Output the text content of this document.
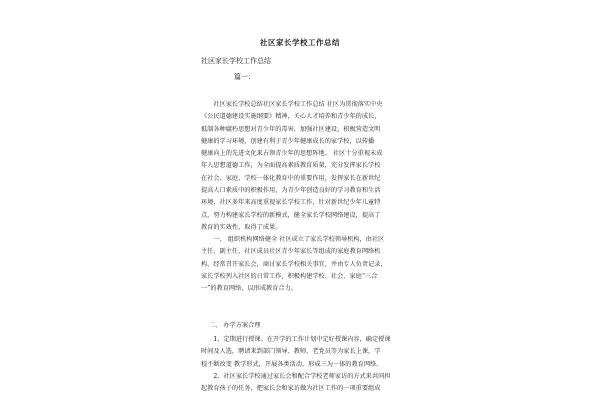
社区家长学校工作总结
社区家长学校工作总结
篇一：
　　社区家长学校总结社区家长学校工作总结 社区为贯彻落实中央
《公民道德建设实施纲要》精神，关心人才培养和青少年的成长，
抵制各种腐朽思想对青少年的毒害，加强社区建设，积极营造文明
健康的学习环境，创建有利于青少年健康成长的家学校，以传播
健康向上的先进文化来占领青少年的思想阵地。 社区十分重视未成
年人思想道德工作，为全面提高素质教育质量，充分发挥家长学校
在社会、家庭、学校一体化教育中的重要作用，发挥家长在新世纪
提高人口素质中的积极作用，为青少年创造良好的学习教育和生活
环境，社区多年来高度重视家长学校工作，针对新世纪少年儿童特
点，努力构建家长学校的新模式，健全家长学校网络建设，提高了
教育的实效性，取得了成果。
　　一、 组织机构网络健全 社区成立了家长学校领导机构，由社区
主任、副主任、社区成员社区青少年家长等组成的家庭教育网络机
构，经常召开家长会，商讨家长学校相关事宜，并由专人负责记录，
家长学校列入社区的日常工作，积极构建学校、社会、家庭“三合
一”的教育网络，以形成教育合力。
二、 办学方案合理
　　1、定期进行授课。在开学的工作计划中定好授课内容，确定授课
时间及人选，聘请来到部门领导、教师、老党员等为家长上课，学
校不断改变 教学形式，开展各类活动，形成三为一体的教育网络。
　　2、社区家长学校通过家长会和配合学校老师家访的方式来共同担
起教育孩子的任务，把家长会和家访做为社区工作的一项重要组成
